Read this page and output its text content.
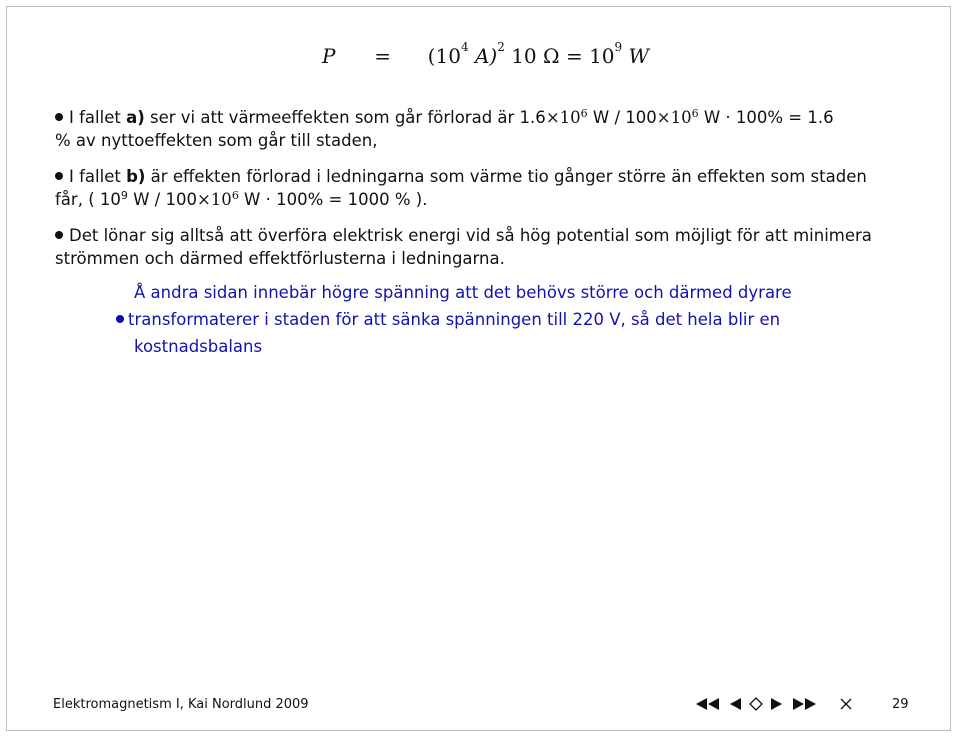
$P = (10^4$ A)$^2$ 10 $\Omega = 10^9$ W
I fallet a) ser vi att värmeeffekten som går förlorad är $1.6\times 10^6$ $W / 100\times 10^6$ W · 100% = 1.6
% av nyttoeffekten som går till staden,
I fallet b) är effekten förlorad i ledningarna som värme tio gånger större än effekten som staden
får, ( $10^9$ $W / 100\times 10^6$ W · 100% = 1000 % ).
Det lönar sig alltså att överföra elektrisk energi vid så hög potential som möjligt för att minimera
strömmen och därmed effektförlusterna i ledningarna.
Å andra sidan innebär högre spänning att det behövs större och därmed dyrare
transformaterer i staden för att sänka spänningen till 220 V, så det hela blir en
kostnadsbalans
Elektromagnetism I, Kai Nordlund 2009	29
